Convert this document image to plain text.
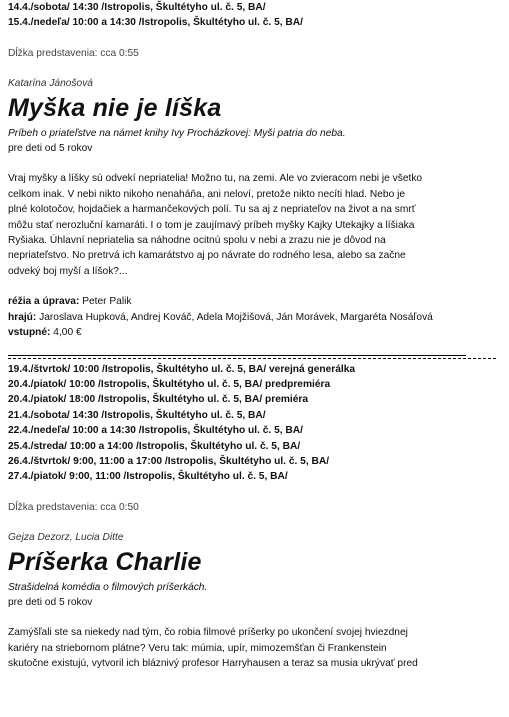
14.4./sobota/ 14:30 /Istropolis, Škultétyho ul. č. 5, BA/
15.4./nedeľa/ 10:00 a 14:30 /Istropolis, Škultétyho ul. č. 5, BA/
Dĺžka predstavenia: cca 0:55
Katarína Jánošová
Myška nie je líška
Príbeh o priateľstve na námet knihy Ivy Procházkovej: Myši patria do neba.
pre deti od 5 rokov
Vraj myšky a líšky sú odvekí nepriatelia! Možno tu, na zemi. Ale vo zvieracom nebi je všetko
celkom inak. V nebi nikto nikoho nenaháňa, ani neloví, pretože nikto necíti hlad. Nebo je
plné kolotočov, hojdačiek a harmančekových polí. Tu sa aj z nepriateľov na život a na smrť
môžu stať nerozluční kamaráti. I o tom je zaujímavý príbeh myšky Kajky Utekajky a líšiaka
Ryšiaka. Úhlavní nepriatelia sa náhodne ocitnú spolu v nebi a zrazu nie je dôvod na
nepriateľstvo. No pretrvá ich kamarátstvo aj po návrate do rodného lesa, alebo sa začne
odveký boj myší a líšok?...
réžia a úprava: Peter Palik
hrajú: Jaroslava Hupková, Andrej Kováč, Adela Mojžišová, Ján Morávek, Margaréta Nosáľová
vstupné: 4,00 €
19.4./štvrtok/ 10:00 /Istropolis, Škultétyho ul. č. 5, BA/ verejná generálka
20.4./piatok/ 10:00 /Istropolis, Škultétyho ul. č. 5, BA/ predpremiéra
20.4./piatok/ 18:00 /Istropolis, Škultétyho ul. č. 5, BA/ premiéra
21.4./sobota/ 14:30 /Istropolis, Škultétyho ul. č. 5, BA/
22.4./nedeľa/ 10:00 a 14:30 /Istropolis, Škultétyho ul. č. 5, BA/
25.4./streda/ 10:00 a 14:00 /Istropolis, Škultétyho ul. č. 5, BA/
26.4./štvrtok/ 9:00, 11:00 a 17:00 /Istropolis, Škultétyho ul. č. 5, BA/
27.4./piatok/ 9:00, 11:00 /Istropolis, Škultétyho ul. č. 5, BA/
Dĺžka predstavenia: cca 0:50
Gejza Dezorz, Lucia Ditte
Príšerka Charlie
Strašidelná komédia o filmových príšerkách.
pre deti od 5 rokov
Zamýšľali ste sa niekedy nad tým, čo robia filmové príšerky po ukončení svojej hviezdnej
kariéry na striebornom plátne? Veru tak: múmia, upír, mimozemšťan či Frankenstein
skutočne existujú, vytvoril ich bláznivý profesor Harryhausen a teraz sa musia ukrývať pred
